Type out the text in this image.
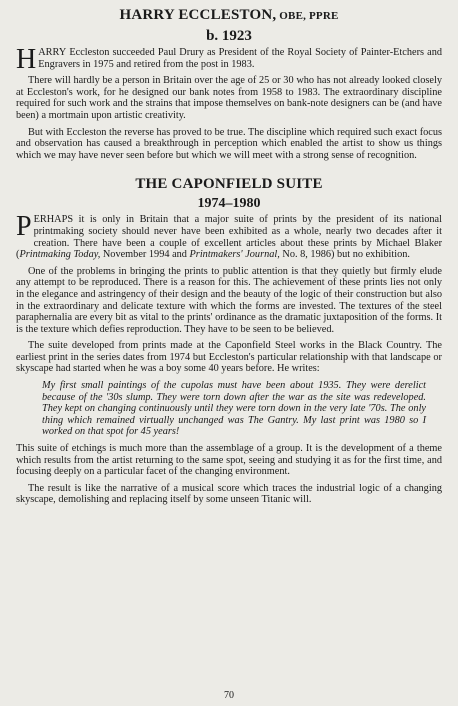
HARRY ECCLESTON, OBE, PPRE
b. 1923

HARRY Eccleston succeeded Paul Drury as President of the Royal Society of Painter-Etchers and Engravers in 1975 and retired from the post in 1983.

There will hardly be a person in Britain over the age of 25 or 30 who has not already looked closely at Eccleston's work, for he designed our bank notes from 1958 to 1983. The extraordinary discipline required for such work and the strains that impose themselves on bank-note designers can be (and have been) a mortmain upon artistic creativity.

But with Eccleston the reverse has proved to be true. The discipline which required such exact focus and observation has caused a breakthrough in perception which enabled the artist to show us things which we may have never seen before but which we will meet with a strong sense of recognition.

THE CAPONFIELD SUITE
1974–1980

PERHAPS it is only in Britain that a major suite of prints by the president of its national printmaking society should never have been exhibited as a whole, nearly two decades after it creation. There have been a couple of excellent articles about these prints by Michael Blaker (Printmaking Today, November 1994 and Printmakers' Journal, No. 8, 1986) but no exhibition.

One of the problems in bringing the prints to public attention is that they quietly but firmly elude any attempt to be reproduced. There is a reason for this. The achievement of these prints lies not only in the elegance and astringency of their design and the beauty of the logic of their construction but also in the extraordinary and delicate texture with which the forms are invested. The textures of the steel paraphernalia are every bit as vital to the prints' ordinance as the dramatic juxtaposition of the forms. It is the texture which defies reproduction. They have to be seen to be believed.

The suite developed from prints made at the Caponfield Steel works in the Black Country. The earliest print in the series dates from 1974 but Eccleston's particular relationship with that landscape or skyscape had started when he was a boy some 40 years before. He writes:

My first small paintings of the cupolas must have been about 1935. They were derelict because of the '30s slump. They were torn down after the war as the site was redeveloped. They kept on changing continuously until they were torn down in the very late '70s. The only thing which remained virtually unchanged was The Gantry. My last print was 1980 so I worked on that spot for 45 years!

This suite of etchings is much more than the assemblage of a group. It is the development of a theme which results from the artist returning to the same spot, seeing and studying it as for the first time, and focusing deeply on a particular facet of the changing environment.

The result is like the narrative of a musical score which traces the industrial logic of a changing skyscape, demolishing and replacing itself by some unseen Titanic will.

70
